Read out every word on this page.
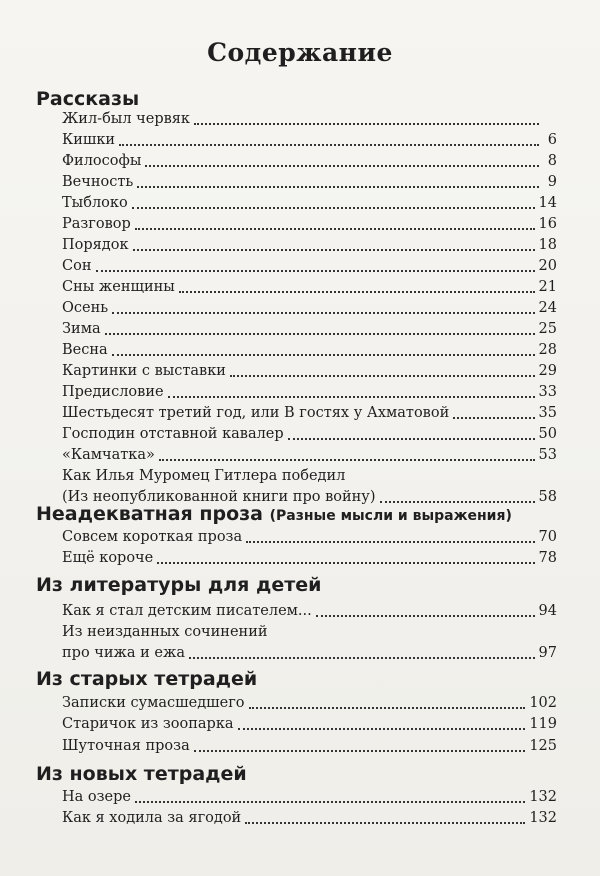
Содержание
Рассказы
Жил-был червяк
Кишки	6
Философы	8
Вечность	9
Тыблоко	14
Разговор	16
Порядок	18
Сон	20
Сны женщины	21
Осень	24
Зима	25
Весна	28
Картинки с выставки	29
Предисловие	33
Шестьдесят третий год, или В гостях у Ахматовой	35
Господин отставной кавалер	50
«Камчатка»	53
Как Илья Муромец Гитлера победил
(Из неопубликованной книги про войну)	58
Неадекватная проза (Разные мысли и выражения)
Совсем короткая проза	70
Ещё короче	78
Из литературы для детей
Как я стал детским писателем...	94
Из неизданных сочинений
про чижа и ежа	97
Из старых тетрадей
Записки сумасшедшего	102
Старичок из зоопарка	119
Шуточная проза	125
Из новых тетрадей
На озере	132
Как я ходила за ягодой	132
